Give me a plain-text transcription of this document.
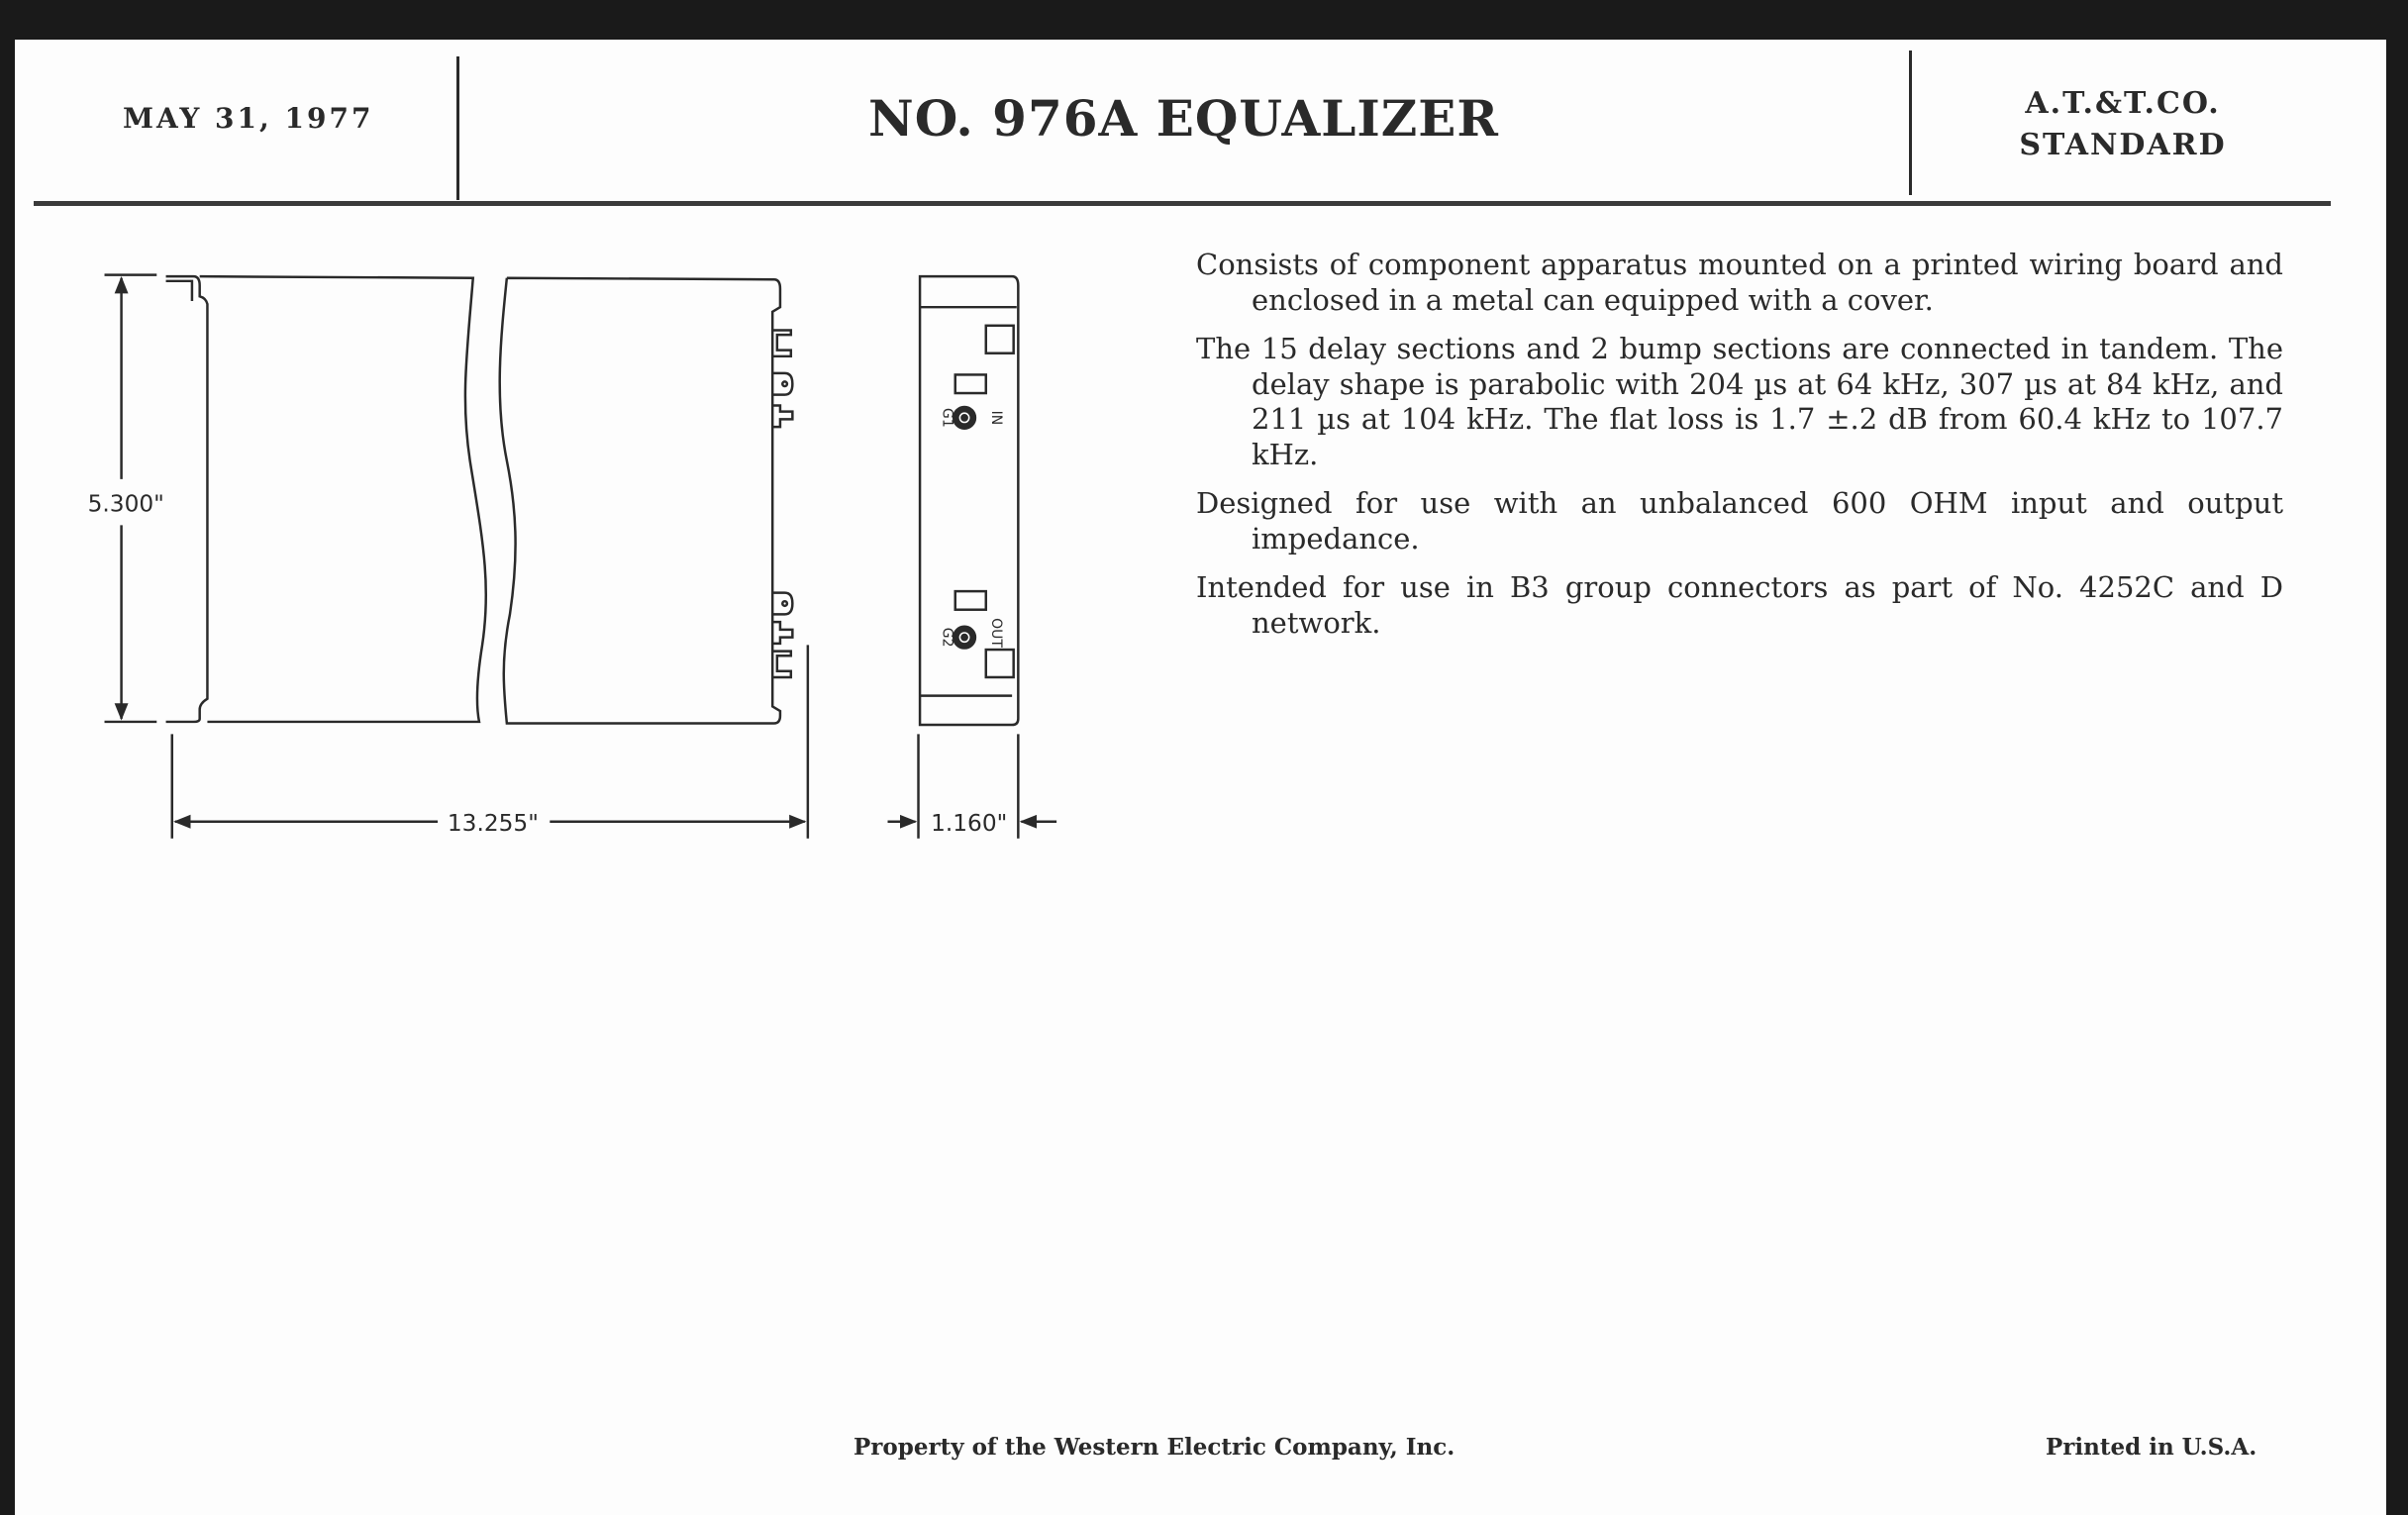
MAY 31, 1977	NO. 976A EQUALIZER	A.T.&T.CO.
STANDARD
5.300"
13.255"
G1	IN
G2	OUT
1.160"

Consists of component apparatus mounted on a printed wiring board and enclosed in a metal can equipped with a cover.

The 15 delay sections and 2 bump sections are connected in tandem. The delay shape is parabolic with 204 µs at 64 kHz, 307 µs at 84 kHz, and 211 µs at 104 kHz. The flat loss is 1.7 ±.2 dB from 60.4 kHz to 107.7 kHz.

Designed for use with an unbalanced 600 OHM input and output impedance.

Intended for use in B3 group connectors as part of No. 4252C and D network.

Property of the Western Electric Company, Inc.	Printed in U.S.A.
